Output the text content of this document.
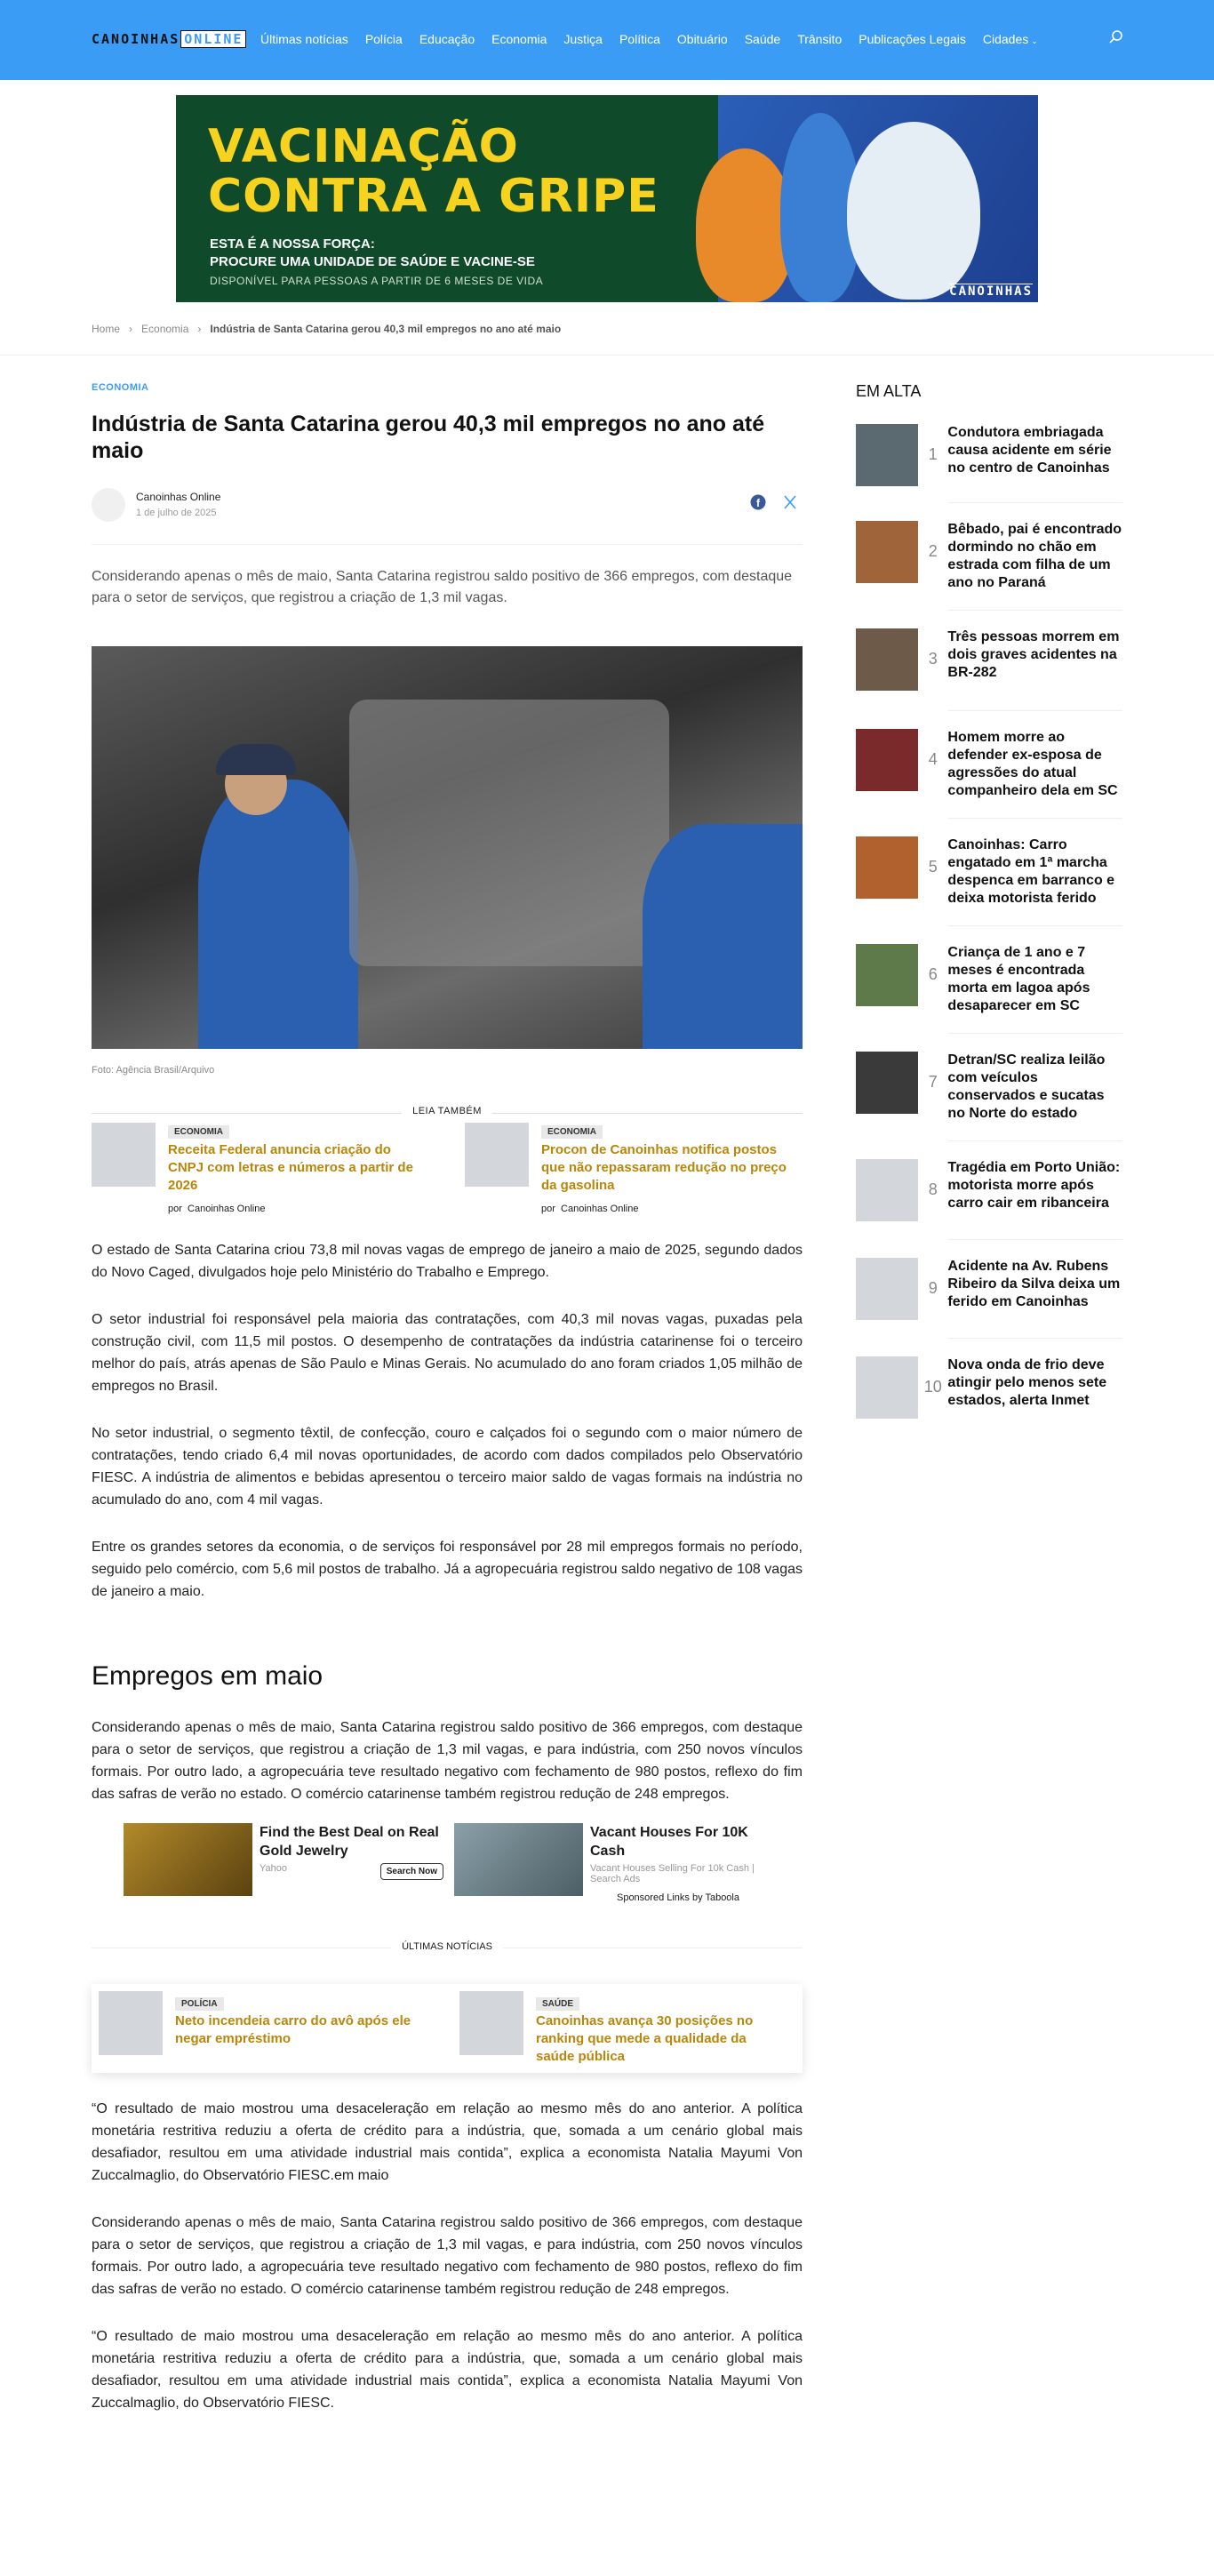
CANOINHAS ONLINE Últimas notícias Polícia Educação Economia Justiça Política Obituário Saúde Trânsito Publicações Legais Cidades ⌄
VACINAÇÃO
CONTRA A GRIPE

ESTA É A NOSSA FORÇA:
PROCURE UMA UNIDADE DE SAÚDE E VACINE-SE

DISPONÍVEL PARA PESSOAS A PARTIR DE 6 MESES DE VIDA

CANOINHAS
Home › Economia › Indústria de Santa Catarina gerou 40,3 mil empregos no ano até maio
ECONOMIA
Indústria de Santa Catarina gerou 40,3 mil empregos no ano até maio
Canoinhas Online
1 de julho de 2025
f

Considerando apenas o mês de maio, Santa Catarina registrou saldo positivo de 366 empregos, com destaque para o setor de serviços, que registrou a criação de 1,3 mil vagas.

Foto: Agência Brasil/Arquivo
LEIA TAMBÉM
ECONOMIA
Receita Federal anuncia criação do CNPJ com letras e números a partir de 2026
por Canoinhas Online
ECONOMIA
Procon de Canoinhas notifica postos que não repassaram redução no preço da gasolina
por Canoinhas Online

O estado de Santa Catarina criou 73,8 mil novas vagas de emprego de janeiro a maio de 2025, segundo dados do Novo Caged, divulgados hoje pelo Ministério do Trabalho e Emprego.

O setor industrial foi responsável pela maioria das contratações, com 40,3 mil novas vagas, puxadas pela construção civil, com 11,5 mil postos. O desempenho de contratações da indústria catarinense foi o terceiro melhor do país, atrás apenas de São Paulo e Minas Gerais. No acumulado do ano foram criados 1,05 milhão de empregos no Brasil.

No setor industrial, o segmento têxtil, de confecção, couro e calçados foi o segundo com o maior número de contratações, tendo criado 6,4 mil novas oportunidades, de acordo com dados compilados pelo Observatório FIESC. A indústria de alimentos e bebidas apresentou o terceiro maior saldo de vagas formais na indústria no acumulado do ano, com 4 mil vagas.

Entre os grandes setores da economia, o de serviços foi responsável por 28 mil empregos formais no período, seguido pelo comércio, com 5,6 mil postos de trabalho. Já a agropecuária registrou saldo negativo de 108 vagas de janeiro a maio.

Empregos em maio

Considerando apenas o mês de maio, Santa Catarina registrou saldo positivo de 366 empregos, com destaque para o setor de serviços, que registrou a criação de 1,3 mil vagas, e para indústria, com 250 novos vínculos formais. Por outro lado, a agropecuária teve resultado negativo com fechamento de 980 postos, reflexo do fim das safras de verão no estado. O comércio catarinense também registrou redução de 248 empregos.

Find the Best Deal on Real Gold Jewelry
Yahoo	Search Now
Vacant Houses For 10K Cash
Vacant Houses Selling For 10k Cash | Search Ads
Sponsored Links by Taboola
ÚLTIMAS NOTÍCIAS
POLÍCIA
Neto incendeia carro do avô após ele negar empréstimo
SAÚDE
Canoinhas avança 30 posições no ranking que mede a qualidade da saúde pública

“O resultado de maio mostrou uma desaceleração em relação ao mesmo mês do ano anterior. A política monetária restritiva reduziu a oferta de crédito para a indústria, que, somada a um cenário global mais desafiador, resultou em uma atividade industrial mais contida”, explica a economista Natalia Mayumi Von Zuccalmaglio, do Observatório FIESC.em maio

Considerando apenas o mês de maio, Santa Catarina registrou saldo positivo de 366 empregos, com destaque para o setor de serviços, que registrou a criação de 1,3 mil vagas, e para indústria, com 250 novos vínculos formais. Por outro lado, a agropecuária teve resultado negativo com fechamento de 980 postos, reflexo do fim das safras de verão no estado. O comércio catarinense também registrou redução de 248 empregos.

“O resultado de maio mostrou uma desaceleração em relação ao mesmo mês do ano anterior. A política monetária restritiva reduziu a oferta de crédito para a indústria, que, somada a um cenário global mais desafiador, resultou em uma atividade industrial mais contida”, explica a economista Natalia Mayumi Von Zuccalmaglio, do Observatório FIESC.

EM ALTA
1
Condutora embriagada causa acidente em série no centro de Canoinhas
2
Bêbado, pai é encontrado dormindo no chão em estrada com filha de um ano no Paraná
3
Três pessoas morrem em dois graves acidentes na BR-282
4
Homem morre ao defender ex-esposa de agressões do atual companheiro dela em SC
5
Canoinhas: Carro engatado em 1ª marcha despenca em barranco e deixa motorista ferido
6
Criança de 1 ano e 7 meses é encontrada morta em lagoa após desaparecer em SC
7
Detran/SC realiza leilão com veículos conservados e sucatas no Norte do estado
8
Tragédia em Porto União: motorista morre após carro cair em ribanceira
9
Acidente na Av. Rubens Ribeiro da Silva deixa um ferido em Canoinhas
10
Nova onda de frio deve atingir pelo menos sete estados, alerta Inmet
